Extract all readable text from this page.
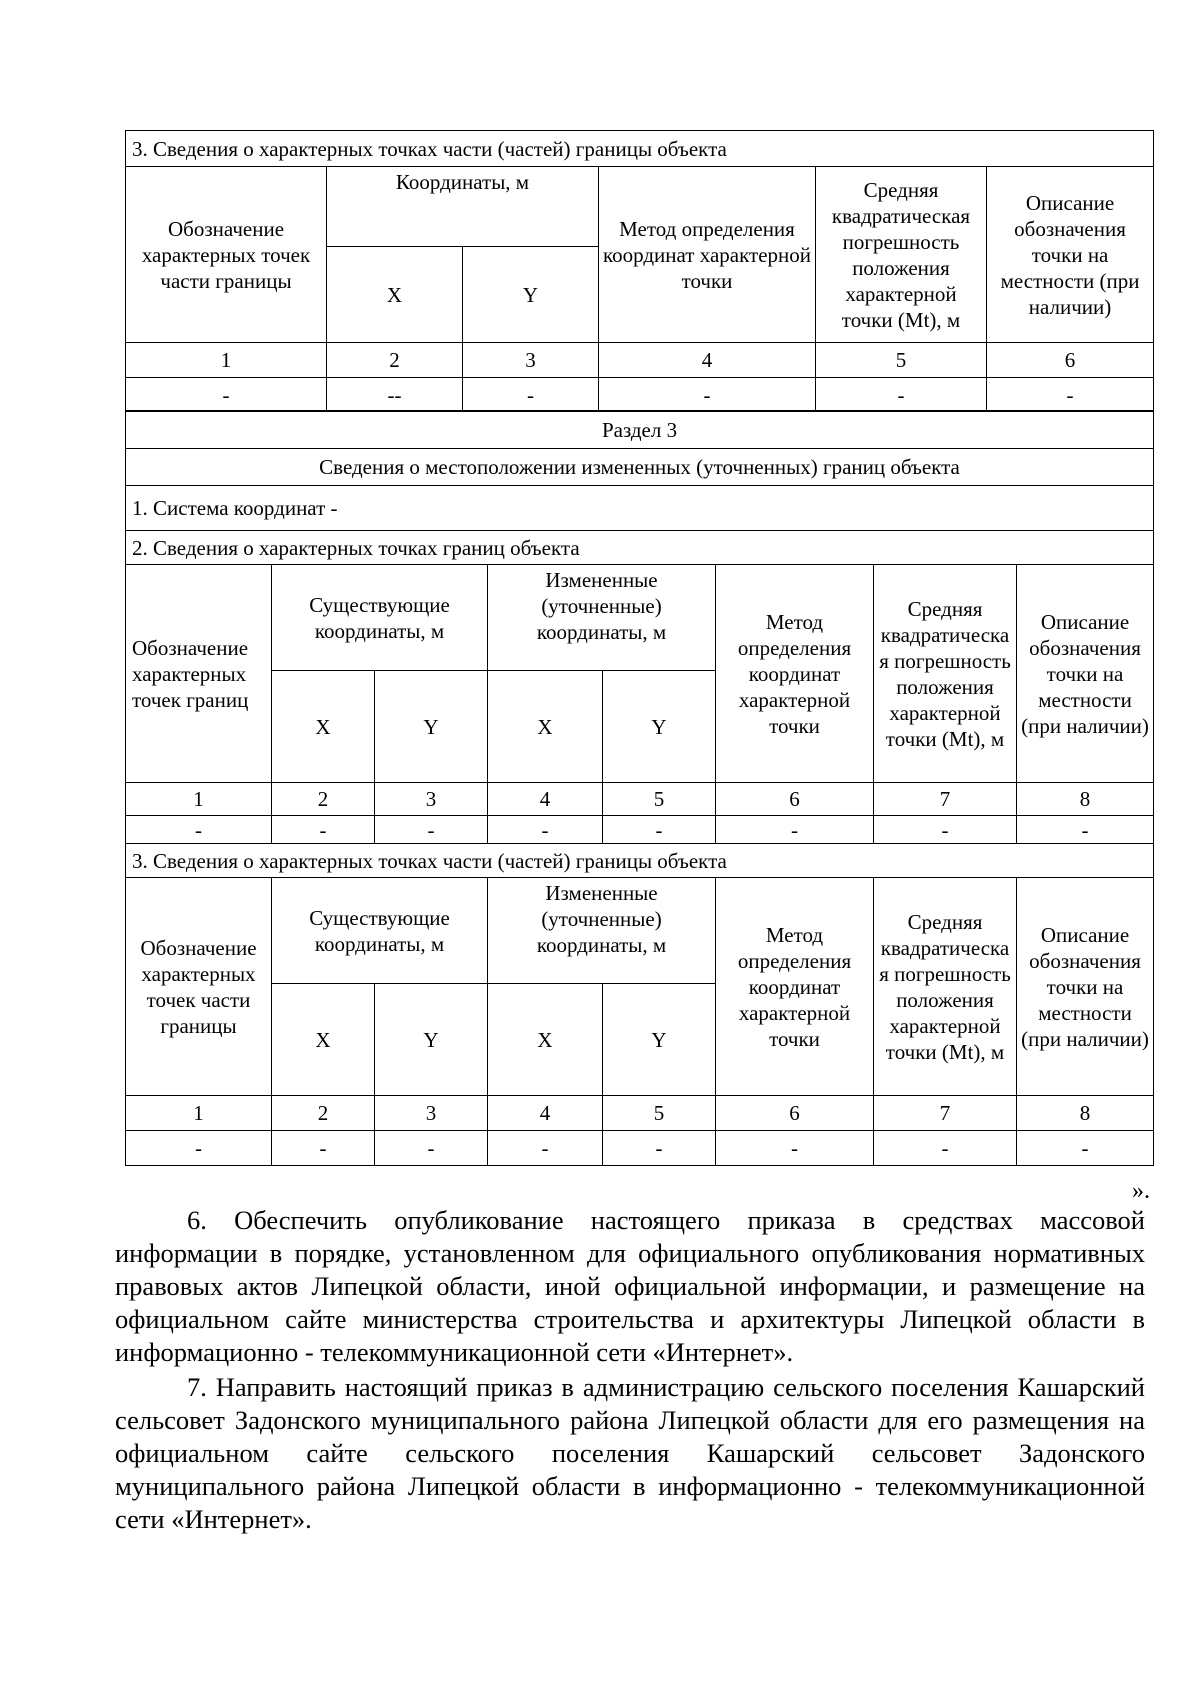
3. Сведения о характерных точках части (частей) границы объекта					
Обозначение характерных точек части границы	Координаты, м		Метод определения координат характерной точки	Средняя квадратическая погрешность положения характерной точки (Mt), м	Описание обозначения точки на местности (при наличии)
	X	Y			
1	2	3	4	5	6
-	--	-	-	-	-
Раздел 3							
Сведения о местоположении измененных (уточненных) границ объекта							
1. Система координат -							
2. Сведения о характерных точках границ объекта							
Обозначение характерных точек границ	Существующие координаты, м		Измененные (уточненные) координаты, м		Метод определения координат характерной точки	Средняя квадратическая погрешность положения характерной точки (Mt), м	Описание обозначения точки на местности (при наличии)
	X	Y	X	Y			
1	2	3	4	5	6	7	8
-	-	-	-	-	-	-	-
3. Сведения о характерных точках части (частей) границы объекта							
Обозначение характерных точек части границы	Существующие координаты, м		Измененные (уточненные) координаты, м		Метод определения координат характерной точки	Средняя квадратическая погрешность положения характерной точки (Mt), м	Описание обозначения точки на местности (при наличии)
	X	Y	X	Y			
1	2	3	4	5	6	7	8
-	-	-	-	-	-	-	-
».

6. Обеспечить опубликование настоящего приказа в средствах массовой информации в порядке, установленном для официального опубликования нормативных правовых актов Липецкой области, иной официальной информации, и размещение на официальном сайте министерства строительства и архитектуры Липецкой области в информационно - телекоммуникационной сети «Интернет».

7. Направить настоящий приказ в администрацию сельского поселения Кашарский сельсовет Задонского муниципального района Липецкой области для его размещения на официальном сайте сельского поселения Кашарский сельсовет Задонского муниципального района Липецкой области в информационно - телекоммуникационной сети «Интернет».
